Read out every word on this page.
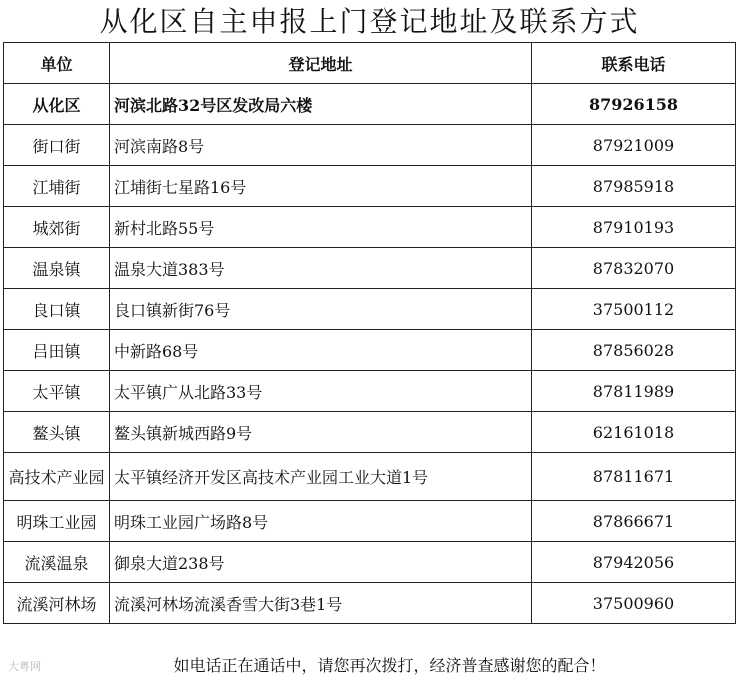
从化区自主申报上门登记地址及联系方式
单位	登记地址	联系电话
从化区	河滨北路32号区发改局六楼	87926158
街口街	河滨南路8号	87921009
江埔街	江埔街七星路16号	87985918
城郊街	新村北路55号	87910193
温泉镇	温泉大道383号	87832070
良口镇	良口镇新街76号	37500112
吕田镇	中新路68号	87856028
太平镇	太平镇广从北路33号	87811989
鳌头镇	鳌头镇新城西路9号	62161018
高技术产业园	太平镇经济开发区高技术产业园工业大道1号	87811671
明珠工业园	明珠工业园广场路8号	87866671
流溪温泉	御泉大道238号	87942056
流溪河林场	流溪河林场流溪香雪大街3巷1号	37500960
如电话正在通话中，请您再次拨打，经济普查感谢您的配合！
大粤网
